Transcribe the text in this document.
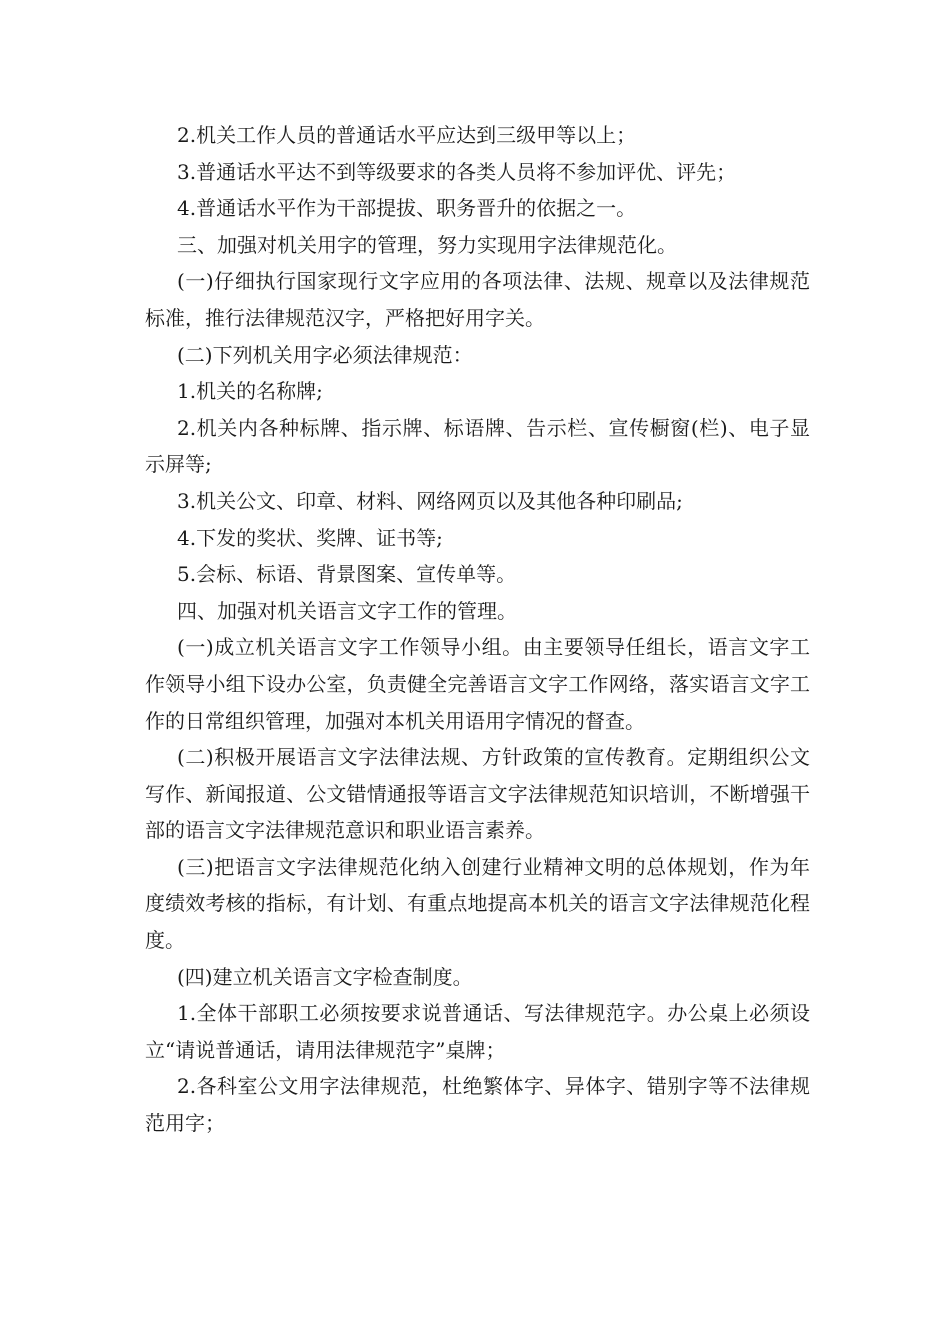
2.机关工作人员的普通话水平应达到三级甲等以上；

3.普通话水平达不到等级要求的各类人员将不参加评优、评先；

4.普通话水平作为干部提拔、职务晋升的依据之一。

三、加强对机关用字的管理，努力实现用字法律规范化。

(一)仔细执行国家现行文字应用的各项法律、法规、规章以及法律规范标准，推行法律规范汉字，严格把好用字关。

(二)下列机关用字必须法律规范：

1.机关的名称牌;

2.机关内各种标牌、指示牌、标语牌、告示栏、宣传橱窗(栏)、电子显示屏等;

3.机关公文、印章、材料、网络网页以及其他各种印刷品;

4.下发的奖状、奖牌、证书等;

5.会标、标语、背景图案、宣传单等。

四、加强对机关语言文字工作的管理。

(一)成立机关语言文字工作领导小组。由主要领导任组长，语言文字工作领导小组下设办公室，负责健全完善语言文字工作网络，落实语言文字工作的日常组织管理，加强对本机关用语用字情况的督查。

(二)积极开展语言文字法律法规、方针政策的宣传教育。定期组织公文写作、新闻报道、公文错情通报等语言文字法律规范知识培训，不断增强干部的语言文字法律规范意识和职业语言素养。

(三)把语言文字法律规范化纳入创建行业精神文明的总体规划，作为年度绩效考核的指标，有计划、有重点地提高本机关的语言文字法律规范化程度。

(四)建立机关语言文字检查制度。

1.全体干部职工必须按要求说普通话、写法律规范字。办公桌上必须设立“请说普通话，请用法律规范字”桌牌；

2.各科室公文用字法律规范，杜绝繁体字、异体字、错别字等不法律规范用字；
